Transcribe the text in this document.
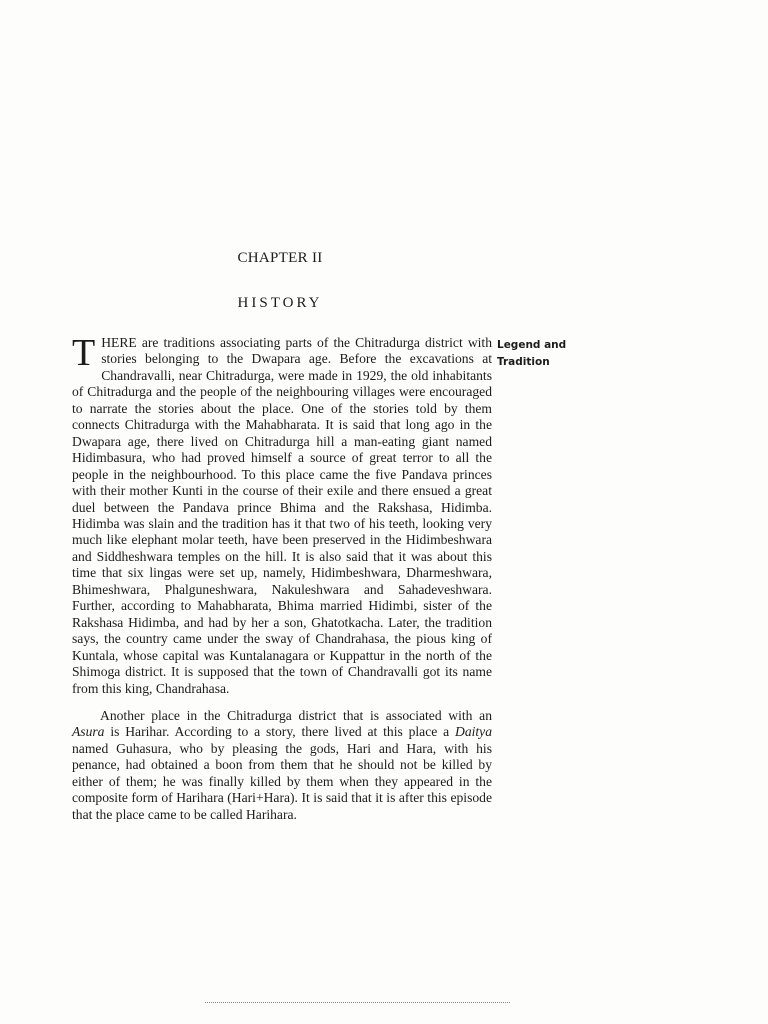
CHAPTER II
HISTORY
Legend and
Tradition

THERE are traditions associating parts of the Chitradurga district with stories belonging to the Dwapara age. Before the excavations at Chandravalli, near Chitradurga, were made in 1929, the old inhabitants of Chitradurga and the people of the neighbouring villages were encouraged to narrate the stories about the place. One of the stories told by them connects Chitradurga with the Mahabharata. It is said that long ago in the Dwapara age, there lived on Chitradurga hill a man-eating giant named Hidimbasura, who had proved himself a source of great terror to all the people in the neighbourhood. To this place came the five Pandava princes with their mother Kunti in the course of their exile and there ensued a great duel between the Pandava prince Bhima and the Rakshasa, Hidimba. Hidimba was slain and the tradition has it that two of his teeth, looking very much like elephant molar teeth, have been preserved in the Hidimbeshwara and Siddheshwara temples on the hill. It is also said that it was about this time that six lingas were set up, namely, Hidimbeshwara, Dharmeshwara, Bhimeshwara, Phalguneshwara, Nakuleshwara and Sahadeveshwara. Further, according to Mahabharata, Bhima married Hidimbi, sister of the Rakshasa Hidimba, and had by her a son, Ghatotkacha. Later, the tradition says, the country came under the sway of Chandrahasa, the pious king of Kuntala, whose capital was Kuntalanagara or Kuppattur in the north of the Shimoga district. It is supposed that the town of Chandravalli got its name from this king, Chandrahasa.

Another place in the Chitradurga district that is associated with an Asura is Harihar. According to a story, there lived at this place a Daitya named Guhasura, who by pleasing the gods, Hari and Hara, with his penance, had obtained a boon from them that he should not be killed by either of them; he was finally killed by them when they appeared in the composite form of Harihara (Hari+Hara). It is said that it is after this episode that the place came to be called Harihara.
